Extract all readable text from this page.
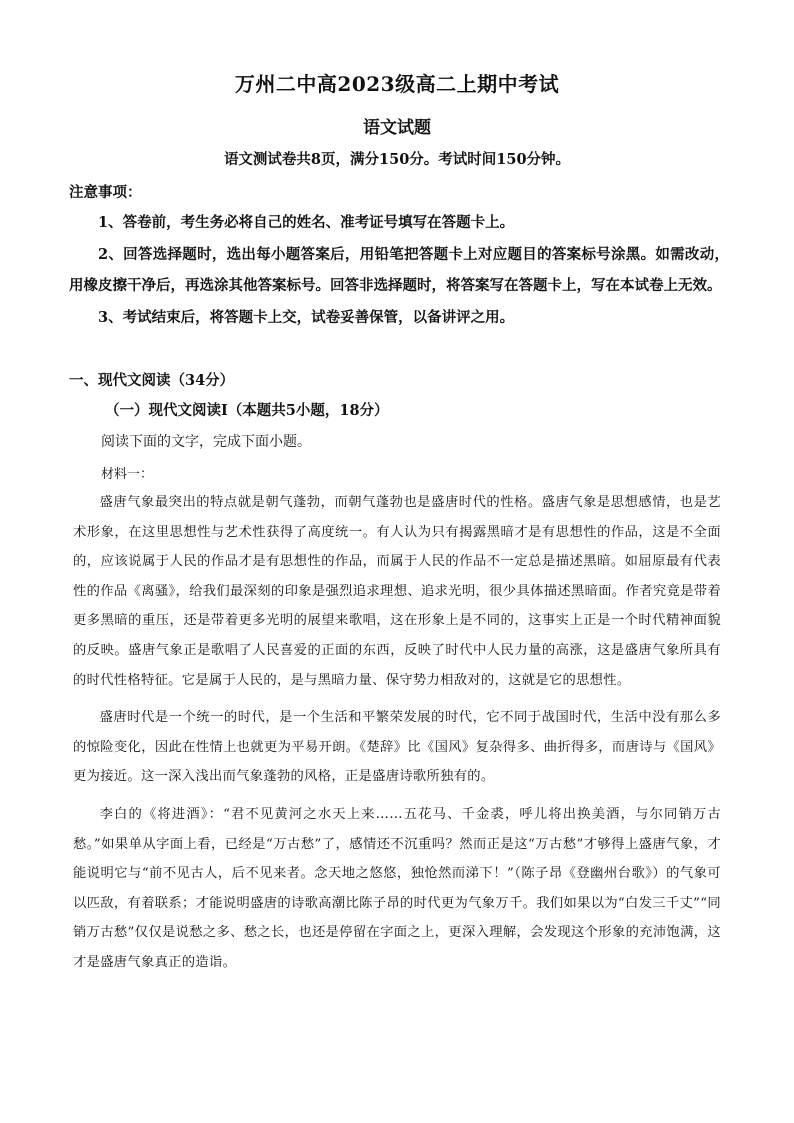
万州二中高2023级高二上期中考试
语文试题
语文测试卷共8页，满分150分。考试时间150分钟。
注意事项：

1、答卷前，考生务必将自己的姓名、准考证号填写在答题卡上。

2、回答选择题时，选出每小题答案后，用铅笔把答题卡上对应题目的答案标号涂黑。如需改动，用橡皮擦干净后，再选涂其他答案标号。回答非选择题时，将答案写在答题卡上，写在本试卷上无效。

3、考试结束后，将答题卡上交，试卷妥善保管，以备讲评之用。

一、现代文阅读（34分）
（一）现代文阅读Ⅰ（本题共5小题，18分）
阅读下面的文字，完成下面小题。
材料一：

盛唐气象最突出的特点就是朝气蓬勃，而朝气蓬勃也是盛唐时代的性格。盛唐气象是思想感情，也是艺术形象，在这里思想性与艺术性获得了高度统一。有人认为只有揭露黑暗才是有思想性的作品，这是不全面的，应该说属于人民的作品才是有思想性的作品，而属于人民的作品不一定总是描述黑暗。如屈原最有代表性的作品《离骚》，给我们最深刻的印象是强烈追求理想、追求光明，很少具体描述黑暗面。作者究竟是带着更多黑暗的重压，还是带着更多光明的展望来歌唱，这在形象上是不同的，这事实上正是一个时代精神面貌的反映。盛唐气象正是歌唱了人民喜爱的正面的东西，反映了时代中人民力量的高涨，这是盛唐气象所具有的时代性格特征。它是属于人民的，是与黑暗力量、保守势力相敌对的，这就是它的思想性。

盛唐时代是一个统一的时代，是一个生活和平繁荣发展的时代，它不同于战国时代，生活中没有那么多的惊险变化，因此在性情上也就更为平易开朗。《楚辞》比《国风》复杂得多、曲折得多，而唐诗与《国风》更为接近。这一深入浅出而气象蓬勃的风格，正是盛唐诗歌所独有的。

李白的《将进酒》：“君不见黄河之水天上来……五花马、千金裘，呼儿将出换美酒，与尔同销万古愁。”如果单从字面上看，已经是“万古愁”了，感情还不沉重吗？然而正是这“万古愁”才够得上盛唐气象，才能说明它与“前不见古人，后不见来者。念天地之悠悠，独怆然而涕下！”（陈子昂《登幽州台歌》）的气象可以匹敌，有着联系；才能说明盛唐的诗歌高潮比陈子昂的时代更为气象万千。我们如果以为“白发三千丈”“同销万古愁”仅仅是说愁之多、愁之长，也还是停留在字面之上，更深入理解，会发现这个形象的充沛饱满，这才是盛唐气象真正的造诣。
